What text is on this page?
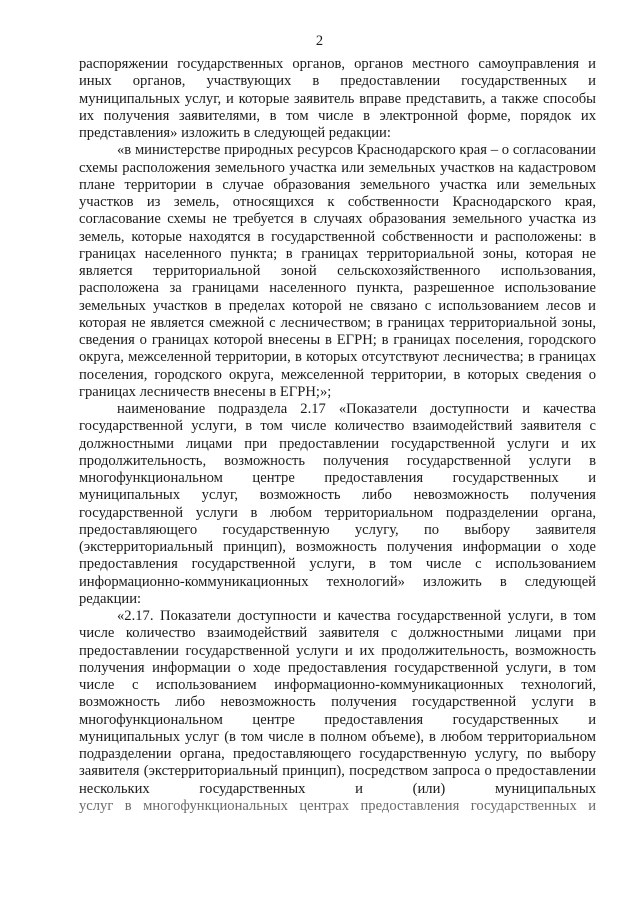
2

распоряжении государственных органов, органов местного самоуправления и иных органов, участвующих в предоставлении государственных и муниципальных услуг, и которые заявитель вправе представить, а также способы их получения заявителями, в том числе в электронной форме, порядок их представления» изложить в следующей редакции:

«в министерстве природных ресурсов Краснодарского края – о согласовании схемы расположения земельного участка или земельных участков на кадастровом плане территории в случае образования земельного участка или земельных участков из земель, относящихся к собственности Краснодарского края, согласование схемы не требуется в случаях образования земельного участка из земель, которые находятся в государственной собственности и расположены: в границах населенного пункта; в границах территориальной зоны, которая не является территориальной зоной сельскохозяйственного использования, расположена за границами населенного пункта, разрешенное использование земельных участков в пределах которой не связано с использованием лесов и которая не является смежной с лесничеством; в границах территориальной зоны, сведения о границах которой внесены в ЕГРН; в границах поселения, городского округа, межселенной территории, в которых отсутствуют лесничества; в границах поселения, городского округа, межселенной территории, в которых сведения о границах лесничеств внесены в ЕГРН;»;

наименование подраздела 2.17 «Показатели доступности и качества государственной услуги, в том числе количество взаимодействий заявителя с должностными лицами при предоставлении государственной услуги и их продолжительность, возможность получения государственной услуги в многофункциональном центре предоставления государственных и муниципальных услуг, возможность либо невозможность получения государственной услуги в любом территориальном подразделении органа, предоставляющего государственную услугу, по выбору заявителя (экстерриториальный принцип), возможность получения информации о ходе предоставления государственной услуги, в том числе с использованием информационно-коммуникационных технологий» изложить в следующей редакции:

«2.17. Показатели доступности и качества государственной услуги, в том числе количество взаимодействий заявителя с должностными лицами при предоставлении государственной услуги и их продолжительность, возможность получения информации о ходе предоставления государственной услуги, в том числе с использованием информационно-коммуникационных технологий, возможность либо невозможность получения государственной услуги в многофункциональном центре предоставления государственных и муниципальных услуг (в том числе в полном объеме), в любом территориальном подразделении органа, предоставляющего государственную услугу, по выбору заявителя (экстерриториальный принцип), посредством запроса о предоставлении нескольких государственных и (или) муниципальных

услуг в многофункциональных центрах предоставления государственных и
